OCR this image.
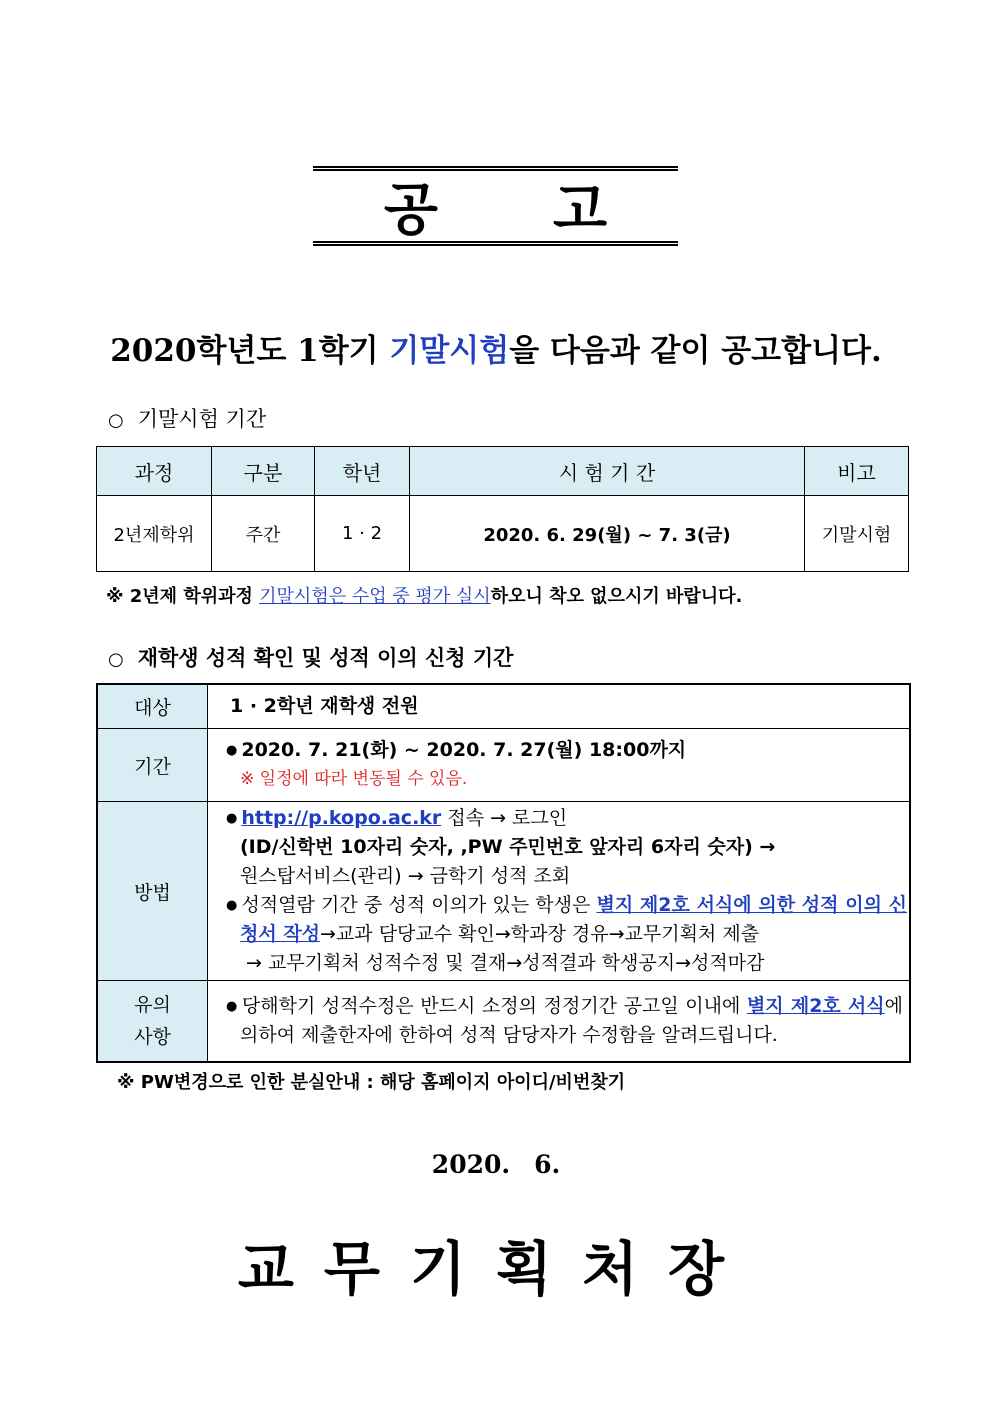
공 고
2020학년도 1학기 기말시험을 다음과 같이 공고합니다.
○ 기말시험 기간
과정	구분	학년	시 험 기 간	비고
2년제학위	주간	1 · 2	2020. 6. 29(월) ~ 7. 3(금)	기말시험
※ 2년제 학위과정 기말시험은 수업 중 평가 실시하오니 착오 없으시기 바랍니다.
○ 재학생 성적 확인 및 성적 이의 신청 기간
대상	1 · 2학년 재학생 전원
기간	● 2020. 7. 21(화) ~ 2020. 7. 27(월) 18:00까지
※ 일정에 따라 변동될 수 있음.

방법	● http://p.kopo.ac.kr 접속 → 로그인
(ID/신학번 10자리 숫자, ,PW 주민번호 앞자리 6자리 숫자) →
원스탑서비스(관리) → 금학기 성적 조회
● 성적열람 기간 중 성적 이의가 있는 학생은 별지 제2호 서식에 의한 성적 이의 신청서 작성→교과 담당교수 확인→학과장 경유→교무기획처 제출
→ 교무기획처 성적수정 및 결재→성적결과 학생공지→성적마감

유의
사항	● 당해학기 성적수정은 반드시 소정의 정정기간 공고일 이내에 별지 제2호 서식에 의하여 제출한자에 한하여 성적 담당자가 수정함을 알려드립니다.
※ PW변경으로 인한 분실안내 : 해당 홈페이지 아이디/비번찾기
2020. 6.
교무기획처장
